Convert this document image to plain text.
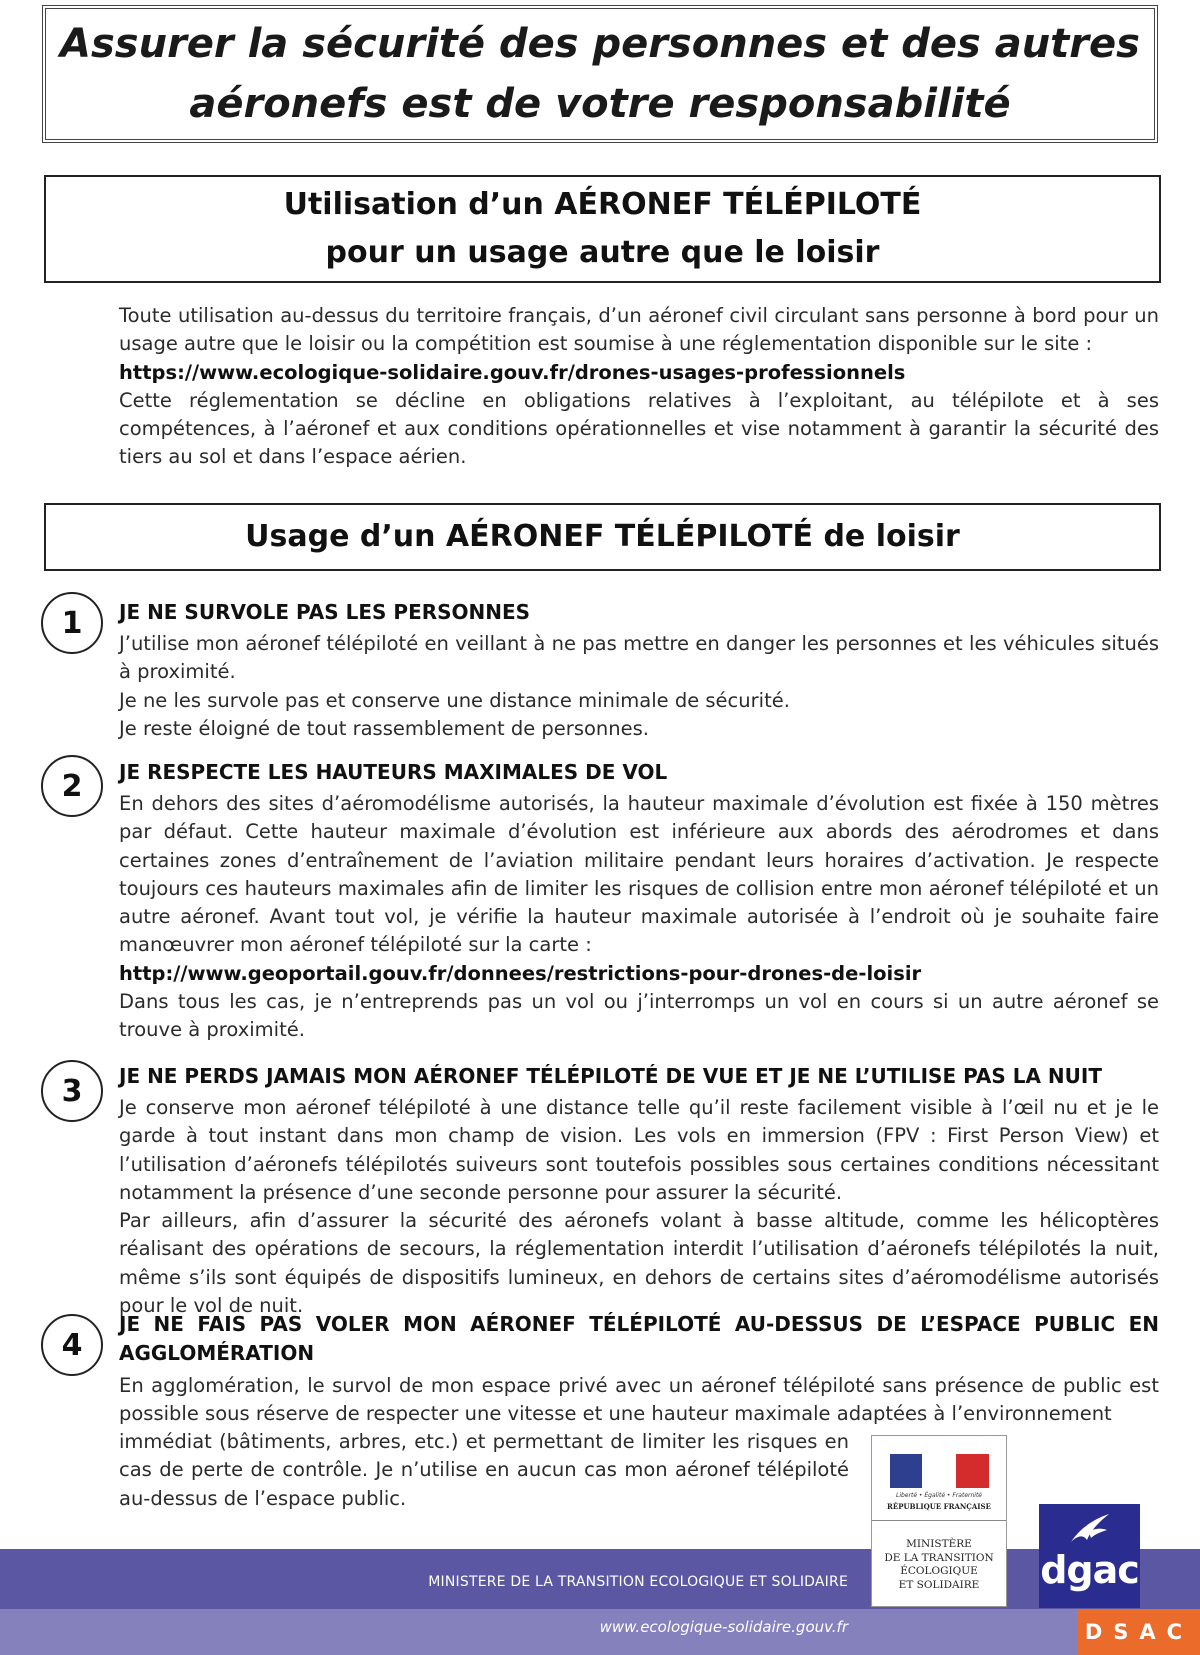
Assurer la sécurité des personnes et des autres
aéronefs est de votre responsabilité
Utilisation d’un AÉRONEF TÉLÉPILOTÉ
pour un usage autre que le loisir
Toute utilisation au-dessus du territoire français, d’un aéronef civil circulant sans personne à bord pour un usage autre que le loisir ou la compétition est soumise à une réglementation disponible sur le site :
https://www.ecologique-solidaire.gouv.fr/drones-usages-professionnels
Cette réglementation se décline en obligations relatives à l’exploitant, au télépilote et à ses compétences, à l’aéronef et aux conditions opérationnelles et vise notamment à garantir la sécurité des tiers au sol et dans l’espace aérien.
Usage d’un AÉRONEF TÉLÉPILOTÉ de loisir
1	JE NE SURVOLE PAS LES PERSONNES

J’utilise mon aéronef télépiloté en veillant à ne pas mettre en danger les personnes et les véhicules situés à proximité.
Je ne les survole pas et conserve une distance minimale de sécurité.
Je reste éloigné de tout rassemblement de personnes.
2	JE RESPECTE LES HAUTEURS MAXIMALES DE VOL

En dehors des sites d’aéromodélisme autorisés, la hauteur maximale d’évolution est fixée à 150 mètres par défaut. Cette hauteur maximale d’évolution est inférieure aux abords des aérodromes et dans certaines zones d’entraînement de l’aviation militaire pendant leurs horaires d’activation. Je respecte toujours ces hauteurs maximales afin de limiter les risques de collision entre mon aéronef télépiloté et un autre aéronef. Avant tout vol, je vérifie la hauteur maximale autorisée à l’endroit où je souhaite faire manœuvrer mon aéronef télépiloté sur la carte :
http://www.geoportail.gouv.fr/donnees/restrictions-pour-drones-de-loisir
Dans tous les cas, je n’entreprends pas un vol ou j’interromps un vol en cours si un autre aéronef se trouve à proximité.
3	JE NE PERDS JAMAIS MON AÉRONEF TÉLÉPILOTÉ DE VUE ET JE NE L’UTILISE PAS LA NUIT

Je conserve mon aéronef télépiloté à une distance telle qu’il reste facilement visible à l’œil nu et je le garde à tout instant dans mon champ de vision. Les vols en immersion (FPV : First Person View) et l’utilisation d’aéronefs télépilotés suiveurs sont toutefois possibles sous certaines conditions nécessitant notamment la présence d’une seconde personne pour assurer la sécurité.
Par ailleurs, afin d’assurer la sécurité des aéronefs volant à basse altitude, comme les hélicoptères réalisant des opérations de secours, la réglementation interdit l’utilisation d’aéronefs télépilotés la nuit, même s’ils sont équipés de dispositifs lumineux, en dehors de certains sites d’aéromodélisme autorisés pour le vol de nuit.
4

JE NE FAIS PAS VOLER MON AÉRONEF TÉLÉPILOTÉ AU-DESSUS DE L’ESPACE PUBLIC EN AGGLOMÉRATION

En agglomération, le survol de mon espace privé avec un aéronef télépiloté sans présence de public est possible sous réserve de respecter une vitesse et une hauteur maximale adaptées à l’environnement
immédiat (bâtiments, arbres, etc.) et permettant de limiter les risques en cas de perte de contrôle. Je n’utilise en aucun cas mon aéronef télépiloté au-dessus de l’espace public.
MINISTERE DE LA TRANSITION ECOLOGIQUE ET SOLIDAIRE
www.ecologique-solidaire.gouv.fr
Liberté • Égalité • Fraternité
RÉPUBLIQUE FRANÇAISE
MINISTÈRE
DE LA TRANSITION
ÉCOLOGIQUE
ET SOLIDAIRE	dgac
DSAC
